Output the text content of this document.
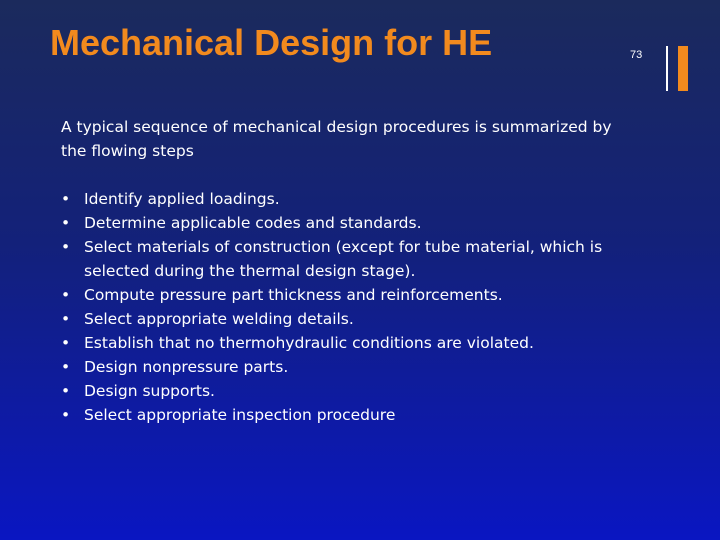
Mechanical Design for HE	73
A typical sequence of mechanical design procedures is summarized by the flowing steps
• Identify applied loadings.
• Determine applicable codes and standards.
• Select materials of construction (except for tube material, which is selected during the thermal design stage).
• Compute pressure part thickness and reinforcements.
• Select appropriate welding details.
• Establish that no thermohydraulic conditions are violated.
• Design nonpressure parts.
• Design supports.
• Select appropriate inspection procedure
